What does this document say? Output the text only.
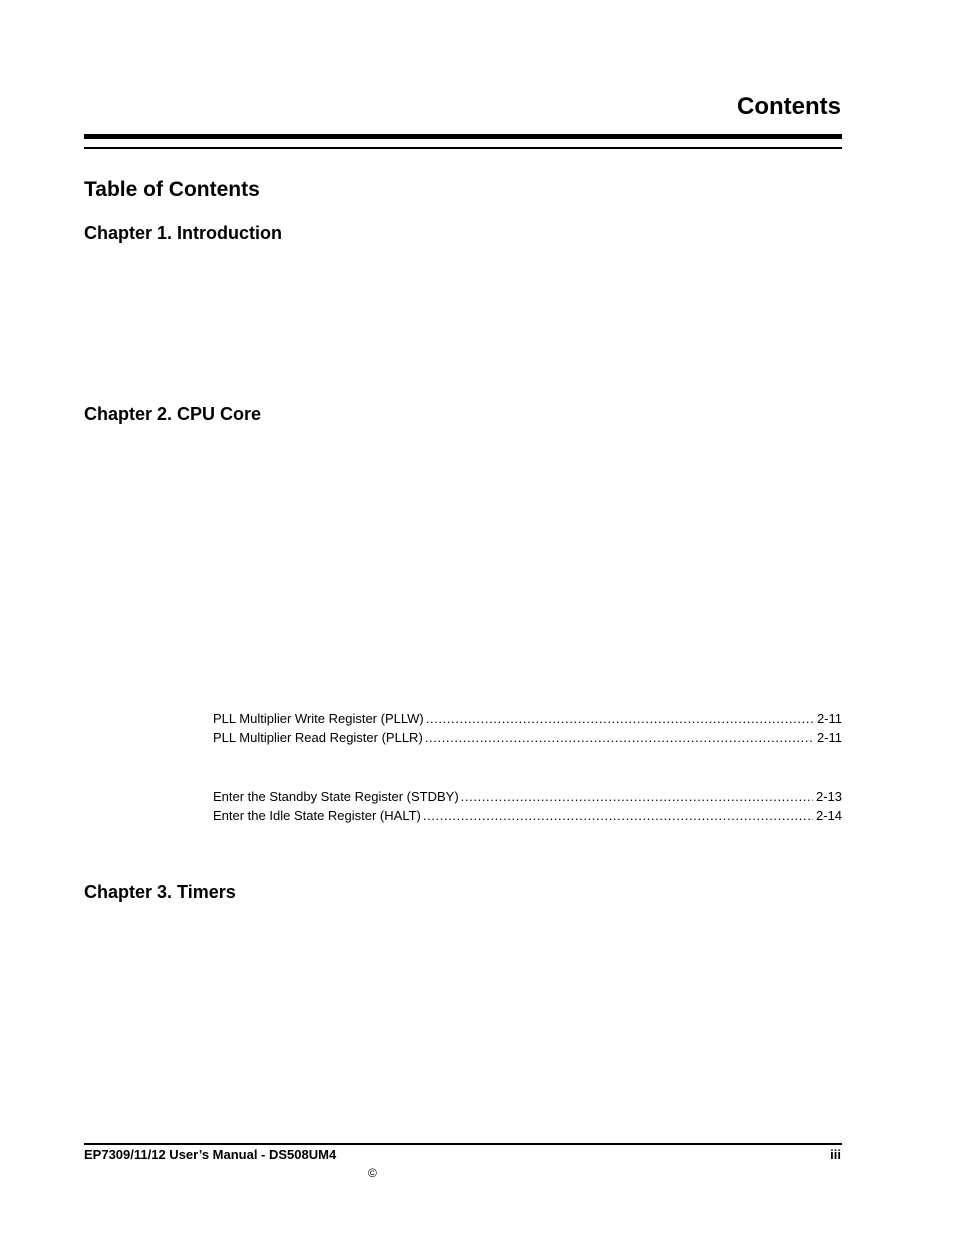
Contents
Table of Contents
Chapter 1. Introduction
Chapter 2. CPU Core
PLL Multiplier Write Register (PLLW) . . .	2-11
PLL Multiplier Read Register (PLLR) . . .	2-11
Enter the Standby State Register (STDBY) . . .	2-13
Enter the Idle State Register (HALT) . . .	2-14
Chapter 3. Timers
EP7309/11/12 User’s Manual - DS508UM4	iii
©
